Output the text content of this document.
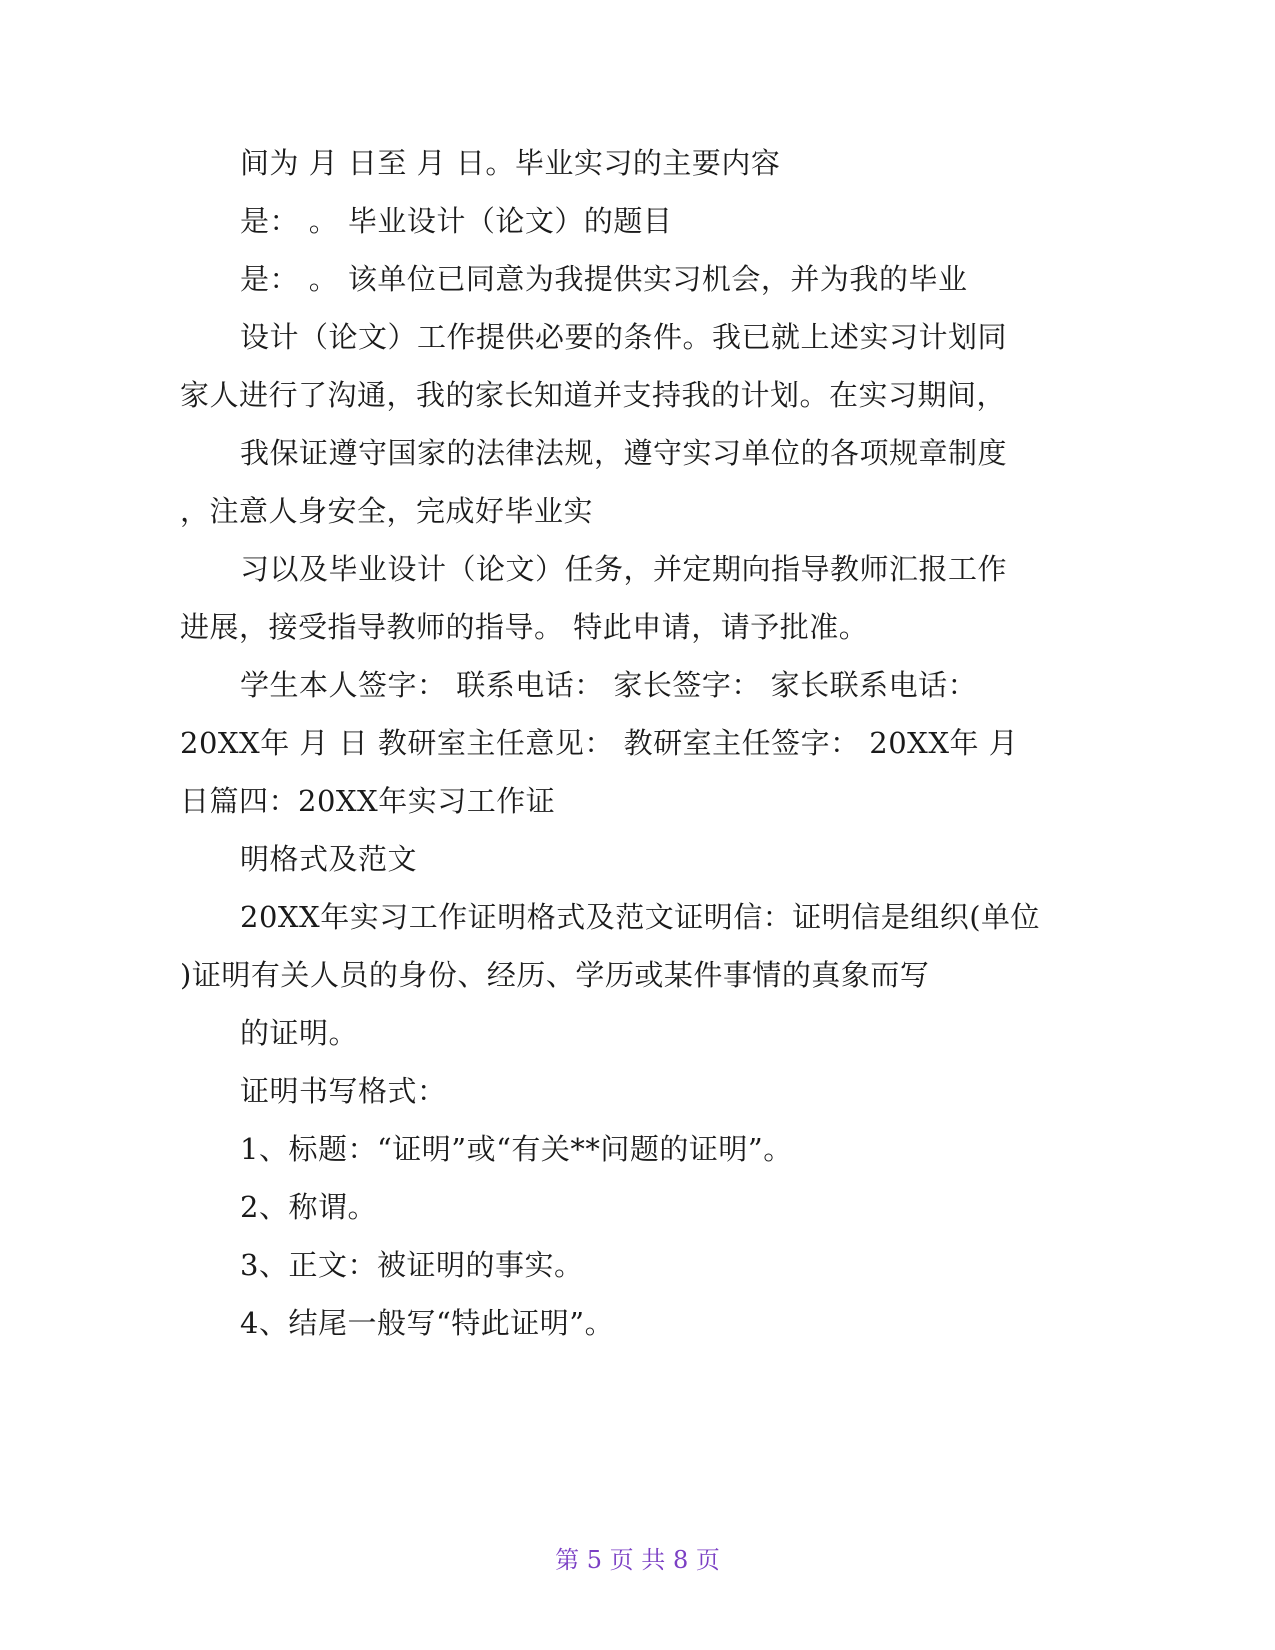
间为 月 日至 月 日。毕业实习的主要内容
是： 。 毕业设计（论文）的题目
是： 。 该单位已同意为我提供实习机会，并为我的毕业
设计（论文）工作提供必要的条件。我已就上述实习计划同
家人进行了沟通，我的家长知道并支持我的计划。在实习期间，
我保证遵守国家的法律法规，遵守实习单位的各项规章制度
，注意人身安全，完成好毕业实
习以及毕业设计（论文）任务，并定期向指导教师汇报工作
进展，接受指导教师的指导。 特此申请，请予批准。
学生本人签字： 联系电话： 家长签字： 家长联系电话：
20XX年 月 日 教研室主任意见： 教研室主任签字： 20XX年 月
日篇四：20XX年实习工作证
明格式及范文
20XX年实习工作证明格式及范文证明信：证明信是组织(单位
)证明有关人员的身份、经历、学历或某件事情的真象而写
的证明。
证明书写格式：
1、标题：“证明”或“有关**问题的证明”。
2、称谓。
3、正文：被证明的事实。
4、结尾一般写“特此证明”。
第 5 页 共 8 页
